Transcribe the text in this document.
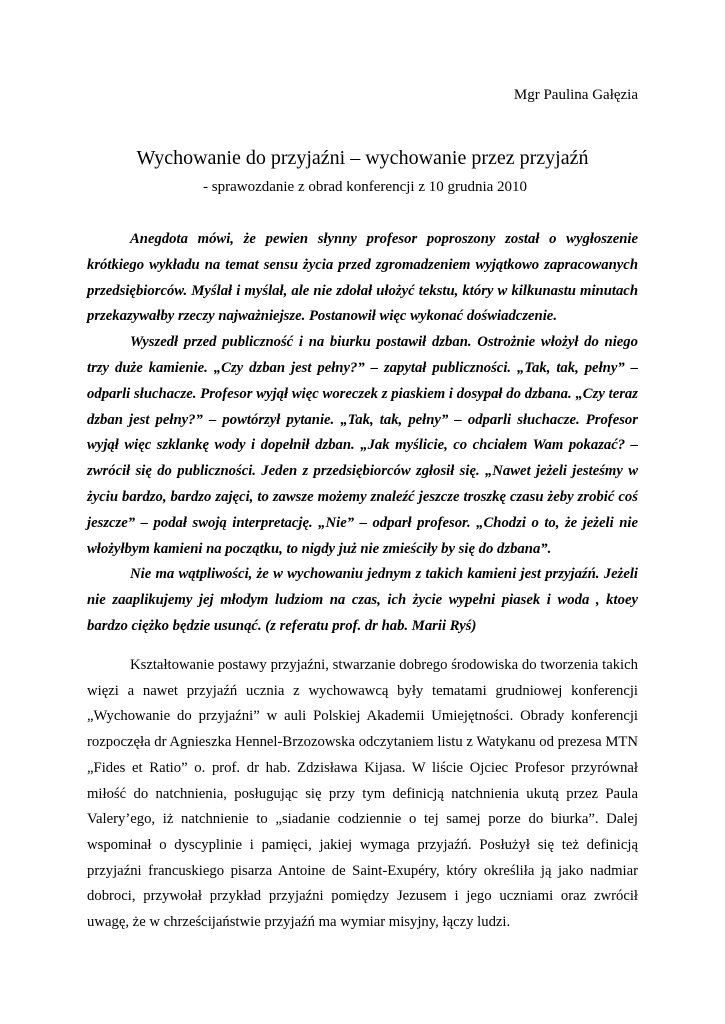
Mgr Paulina Gałęzia
Wychowanie do przyjaźni – wychowanie przez przyjaźń
- sprawozdanie z obrad konferencji z 10 grudnia 2010

Anegdota mówi, że pewien słynny profesor poproszony został o wygłoszenie krótkiego wykładu na temat sensu życia przed zgromadzeniem wyjątkowo zapracowanych przedsiębiorców. Myślał i myślał, ale nie zdołał ułożyć tekstu, który w kilkunastu minutach przekazywałby rzeczy najważniejsze. Postanowił więc wykonać doświadczenie.

Wyszedł przed publiczność i na biurku postawił dzban. Ostrożnie włożył do niego trzy duże kamienie. „Czy dzban jest pełny?” – zapytał publiczności. „Tak, tak, pełny” – odparli słuchacze. Profesor wyjął więc woreczek z piaskiem i dosypał do dzbana. „Czy teraz dzban jest pełny?” – powtórzył pytanie. „Tak, tak, pełny” – odparli słuchacze. Profesor wyjął więc szklankę wody i dopełnił dzban. „Jak myślicie, co chciałem Wam pokazać? – zwrócił się do publiczności. Jeden z przedsiębiorców zgłosił się. „Nawet jeżeli jesteśmy w życiu bardzo, bardzo zajęci, to zawsze możemy znaleźć jeszcze troszkę czasu żeby zrobić coś jeszcze” – podał swoją interpretację. „Nie” – odparł profesor. „Chodzi o to, że jeżeli nie włożyłbym kamieni na początku, to nigdy już nie zmieściły by się do dzbana”.

Nie ma wątpliwości, że w wychowaniu jednym z takich kamieni jest przyjaźń. Jeżeli nie zaaplikujemy jej młodym ludziom na czas, ich życie wypełni piasek i woda , ktoey bardzo ciężko będzie usunąć. (z referatu prof. dr hab. Marii Ryś)

Kształtowanie postawy przyjaźni, stwarzanie dobrego środowiska do tworzenia takich więzi a nawet przyjaźń ucznia z wychowawcą były tematami grudniowej konferencji „Wychowanie do przyjaźni” w auli Polskiej Akademii Umiejętności. Obrady konferencji rozpoczęła dr Agnieszka Hennel-Brzozowska odczytaniem listu z Watykanu od prezesa MTN „Fides et Ratio” o. prof. dr hab. Zdzisława Kijasa. W liście Ojciec Profesor przyrównał miłość do natchnienia, posługując się przy tym definicją natchnienia ukutą przez Paula Valery’ego, iż natchnienie to „siadanie codziennie o tej samej porze do biurka”. Dalej wspominał o dyscyplinie i pamięci, jakiej wymaga przyjaźń. Posłużył się też definicją przyjaźni francuskiego pisarza Antoine de Saint-Exupéry, który określiła ją jako nadmiar dobroci, przywołał przykład przyjaźni pomiędzy Jezusem i jego uczniami oraz zwrócił uwagę, że w chrześcijaństwie przyjaźń ma wymiar misyjny, łączy ludzi.
